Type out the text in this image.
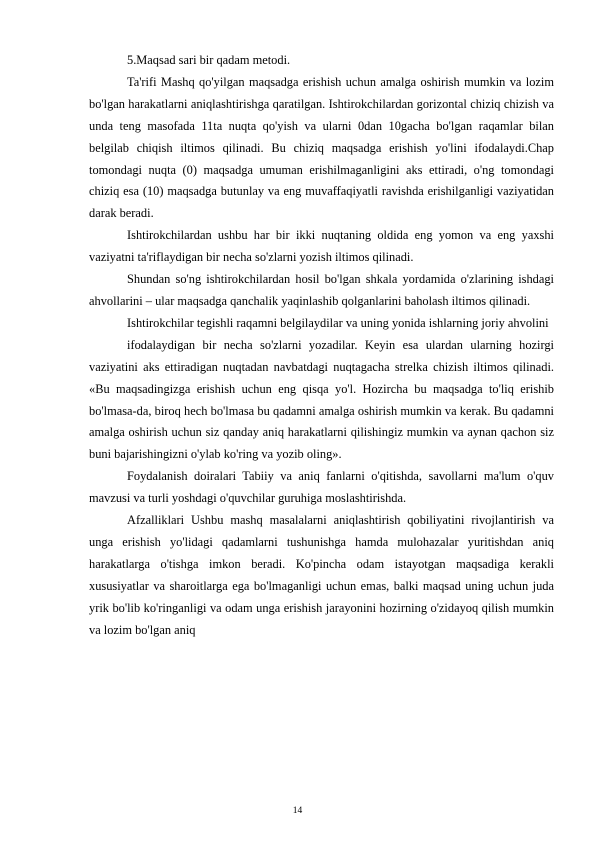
5.Maqsad sari bir qadam metodi.

Ta'rifi Mashq qo'yilgan maqsadga erishish uchun amalga oshirish mumkin va lozim bo'lgan harakatlarni aniqlashtirishga qaratilgan. Ishtirokchilardan gorizontal chiziq chizish va unda teng masofada 11ta nuqta qo'yish va ularni 0dan 10gacha bo'lgan raqamlar bilan belgilab chiqish iltimos qilinadi. Bu chiziq maqsadga erishish yo'lini ifodalaydi.Chap tomondagi nuqta (0) maqsadga umuman erishilmaganligini aks ettiradi, o'ng tomondagi chiziq esa (10) maqsadga butunlay va eng muvaffaqiyatli ravishda erishilganligi vaziyatidan darak beradi.

Ishtirokchilardan ushbu har bir ikki nuqtaning oldida eng yomon va eng yaxshi vaziyatni ta'riflaydigan bir necha so'zlarni yozish iltimos qilinadi.

Shundan so'ng ishtirokchilardan hosil bo'lgan shkala yordamida o'zlarining ishdagi ahvollarini – ular maqsadga qanchalik yaqinlashib qolganlarini baholash iltimos qilinadi.

Ishtirokchilar tegishli raqamni belgilaydilar va uning yonida ishlarning joriy ahvolini

ifodalaydigan bir necha so'zlarni yozadilar. Keyin esa ulardan ularning hozirgi vaziyatini aks ettiradigan nuqtadan navbatdagi nuqtagacha strelka chizish iltimos qilinadi. «Bu maqsadingizga erishish uchun eng qisqa yo'l. Hozircha bu maqsadga to'liq erishib bo'lmasa-da, biroq hech bo'lmasa bu qadamni amalga oshirish mumkin va kerak. Bu qadamni amalga oshirish uchun siz qanday aniq harakatlarni qilishingiz mumkin va aynan qachon siz buni bajarishingizni o'ylab ko'ring va yozib oling».

Foydalanish doiralari Tabiiy va aniq fanlarni o'qitishda, savollarni ma'lum o'quv mavzusi va turli yoshdagi o'quvchilar guruhiga moslashtirishda.

Afzalliklari Ushbu mashq masalalarni aniqlashtirish qobiliyatini rivojlantirish va unga erishish yo'lidagi qadamlarni tushunishga hamda mulohazalar yuritishdan aniq harakatlarga o'tishga imkon beradi. Ko'pincha odam istayotgan maqsadiga kerakli xususiyatlar va sharoitlarga ega bo'lmaganligi uchun emas, balki maqsad uning uchun juda yrik bo'lib ko'ringanligi va odam unga erishish jarayonini hozirning o'zidayoq qilish mumkin va lozim bo'lgan aniq

14
